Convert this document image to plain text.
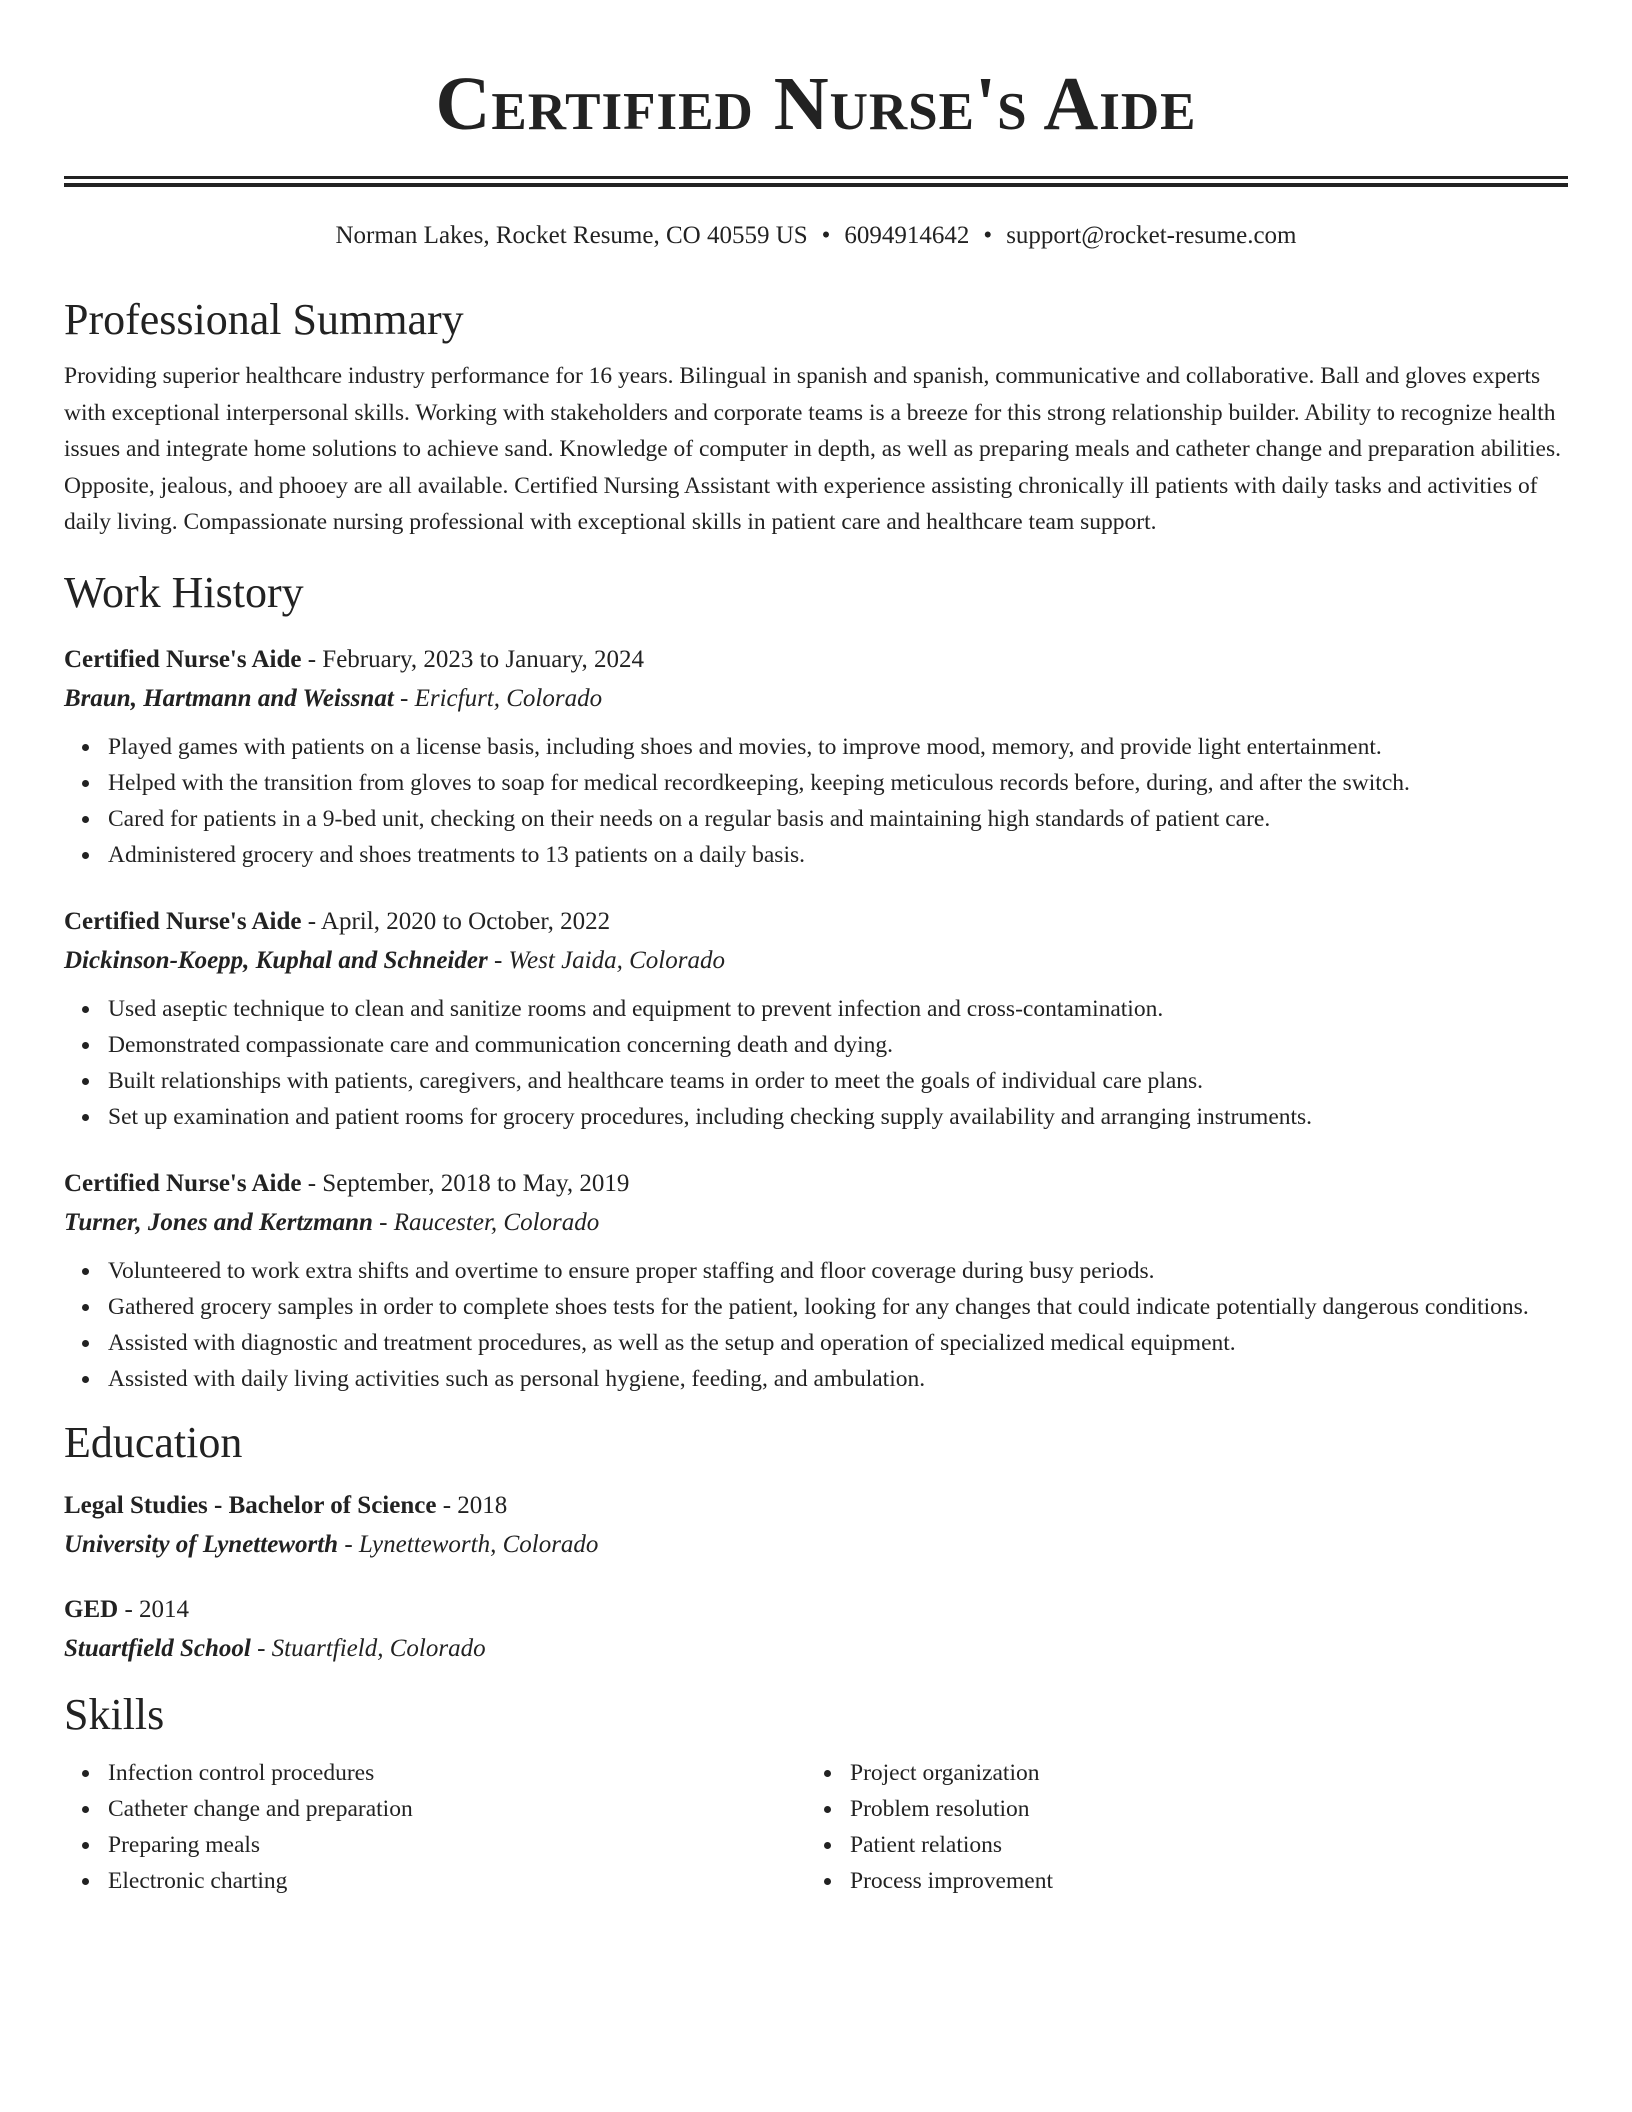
Certified Nurse's Aide
Norman Lakes, Rocket Resume, CO 40559 US • 6094914642 • support@rocket-resume.com
Professional Summary

Providing superior healthcare industry performance for 16 years. Bilingual in spanish and spanish, communicative and collaborative. Ball and gloves experts with exceptional interpersonal skills. Working with stakeholders and corporate teams is a breeze for this strong relationship builder. Ability to recognize health issues and integrate home solutions to achieve sand. Knowledge of computer in depth, as well as preparing meals and catheter change and preparation abilities. Opposite, jealous, and phooey are all available. Certified Nursing Assistant with experience assisting chronically ill patients with daily tasks and activities of daily living. Compassionate nursing professional with exceptional skills in patient care and healthcare team support.

Work History

Certified Nurse's Aide - February, 2023 to January, 2024

Braun, Hartmann and Weissnat - Ericfurt, Colorado

Played games with patients on a license basis, including shoes and movies, to improve mood, memory, and provide light entertainment.
Helped with the transition from gloves to soap for medical recordkeeping, keeping meticulous records before, during, and after the switch.
Cared for patients in a 9-bed unit, checking on their needs on a regular basis and maintaining high standards of patient care.
Administered grocery and shoes treatments to 13 patients on a daily basis.

Certified Nurse's Aide - April, 2020 to October, 2022

Dickinson-Koepp, Kuphal and Schneider - West Jaida, Colorado

Used aseptic technique to clean and sanitize rooms and equipment to prevent infection and cross-contamination.
Demonstrated compassionate care and communication concerning death and dying.
Built relationships with patients, caregivers, and healthcare teams in order to meet the goals of individual care plans.
Set up examination and patient rooms for grocery procedures, including checking supply availability and arranging instruments.

Certified Nurse's Aide - September, 2018 to May, 2019

Turner, Jones and Kertzmann - Raucester, Colorado

Volunteered to work extra shifts and overtime to ensure proper staffing and floor coverage during busy periods.
Gathered grocery samples in order to complete shoes tests for the patient, looking for any changes that could indicate potentially dangerous conditions.
Assisted with diagnostic and treatment procedures, as well as the setup and operation of specialized medical equipment.
Assisted with daily living activities such as personal hygiene, feeding, and ambulation.
Education

Legal Studies - Bachelor of Science - 2018

University of Lynetteworth - Lynetteworth, Colorado

GED - 2014

Stuartfield School - Stuartfield, Colorado

Skills
Infection control procedures
Catheter change and preparation
Preparing meals
Electronic charting
Project organization
Problem resolution
Patient relations
Process improvement
